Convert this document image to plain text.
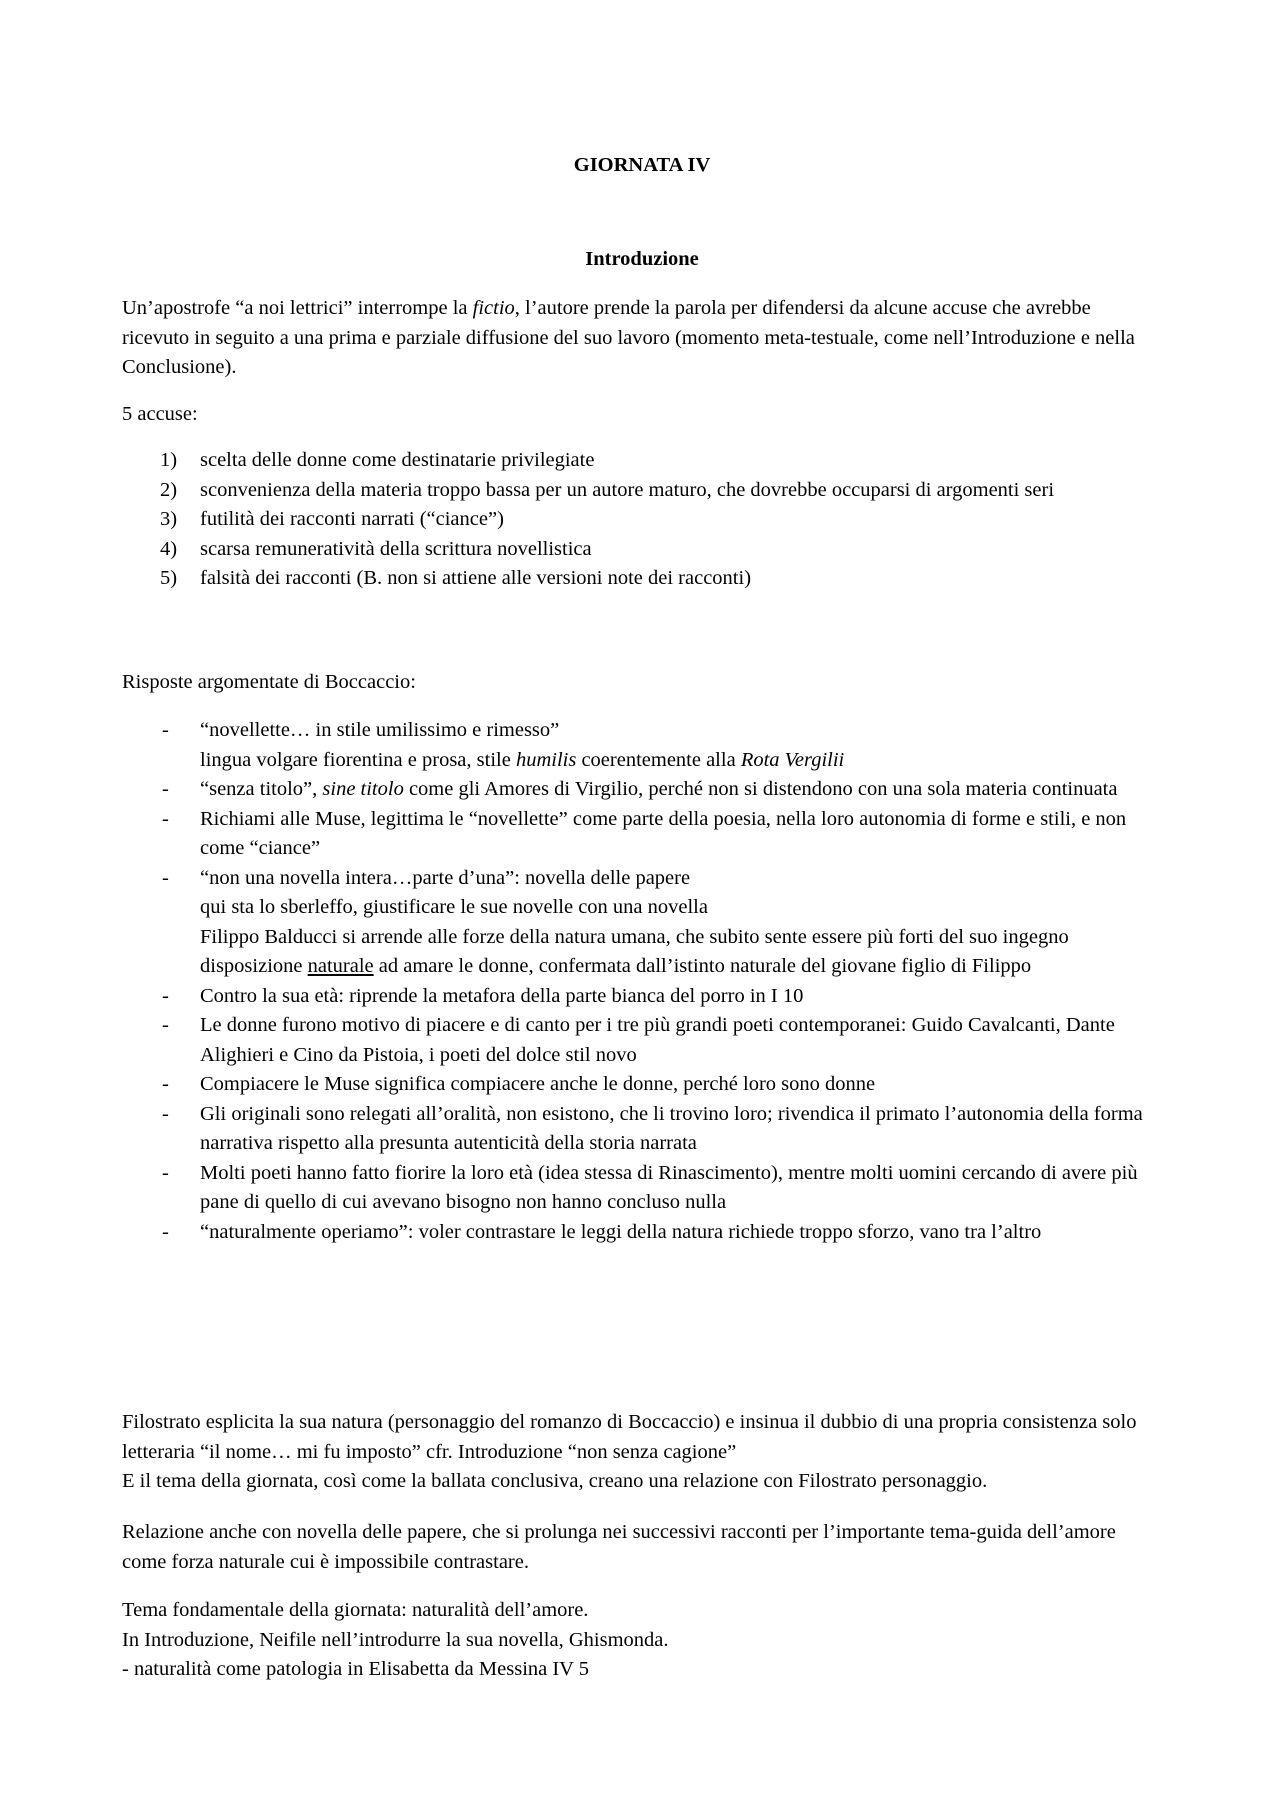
GIORNATA IV
Introduzione

Un’apostrofe “a noi lettrici” interrompe la fictio, l’autore prende la parola per difendersi da alcune accuse che avrebbe ricevuto in seguito a una prima e parziale diffusione del suo lavoro (momento meta-testuale, come nell’Introduzione e nella Conclusione).

5 accuse:

1) scelta delle donne come destinatarie privilegiate
2) sconvenienza della materia troppo bassa per un autore maturo, che dovrebbe occuparsi di argomenti seri
3) futilità dei racconti narrati (“ciance”)
4) scarsa remuneratività della scrittura novellistica
5) falsità dei racconti (B. non si attiene alle versioni note dei racconti)

Risposte argomentate di Boccaccio:

- “novellette… in stile umilissimo e rimesso”
lingua volgare fiorentina e prosa, stile humilis coerentemente alla Rota Vergilii
- “senza titolo”, sine titolo come gli Amores di Virgilio, perché non si distendono con una sola materia continuata
- Richiami alle Muse, legittima le “novellette” come parte della poesia, nella loro autonomia di forme e stili, e non come “ciance”
- “non una novella intera…parte d’una”: novella delle papere
qui sta lo sberleffo, giustificare le sue novelle con una novella
Filippo Balducci si arrende alle forze della natura umana, che subito sente essere più forti del suo ingegno
disposizione naturale ad amare le donne, confermata dall’istinto naturale del giovane figlio di Filippo
- Contro la sua età: riprende la metafora della parte bianca del porro in I 10
- Le donne furono motivo di piacere e di canto per i tre più grandi poeti contemporanei: Guido Cavalcanti, Dante Alighieri e Cino da Pistoia, i poeti del dolce stil novo
- Compiacere le Muse significa compiacere anche le donne, perché loro sono donne
- Gli originali sono relegati all’oralità, non esistono, che li trovino loro; rivendica il primato l’autonomia della forma narrativa rispetto alla presunta autenticità della storia narrata
- Molti poeti hanno fatto fiorire la loro età (idea stessa di Rinascimento), mentre molti uomini cercando di avere più pane di quello di cui avevano bisogno non hanno concluso nulla
- “naturalmente operiamo”: voler contrastare le leggi della natura richiede troppo sforzo, vano tra l’altro

Filostrato esplicita la sua natura (personaggio del romanzo di Boccaccio) e insinua il dubbio di una propria consistenza solo letteraria “il nome… mi fu imposto” cfr. Introduzione “non senza cagione”

E il tema della giornata, così come la ballata conclusiva, creano una relazione con Filostrato personaggio.

Relazione anche con novella delle papere, che si prolunga nei successivi racconti per l’importante tema-guida dell’amore come forza naturale cui è impossibile contrastare.

Tema fondamentale della giornata: naturalità dell’amore.

In Introduzione, Neifile nell’introdurre la sua novella, Ghismonda.

- naturalità come patologia in Elisabetta da Messina IV 5
